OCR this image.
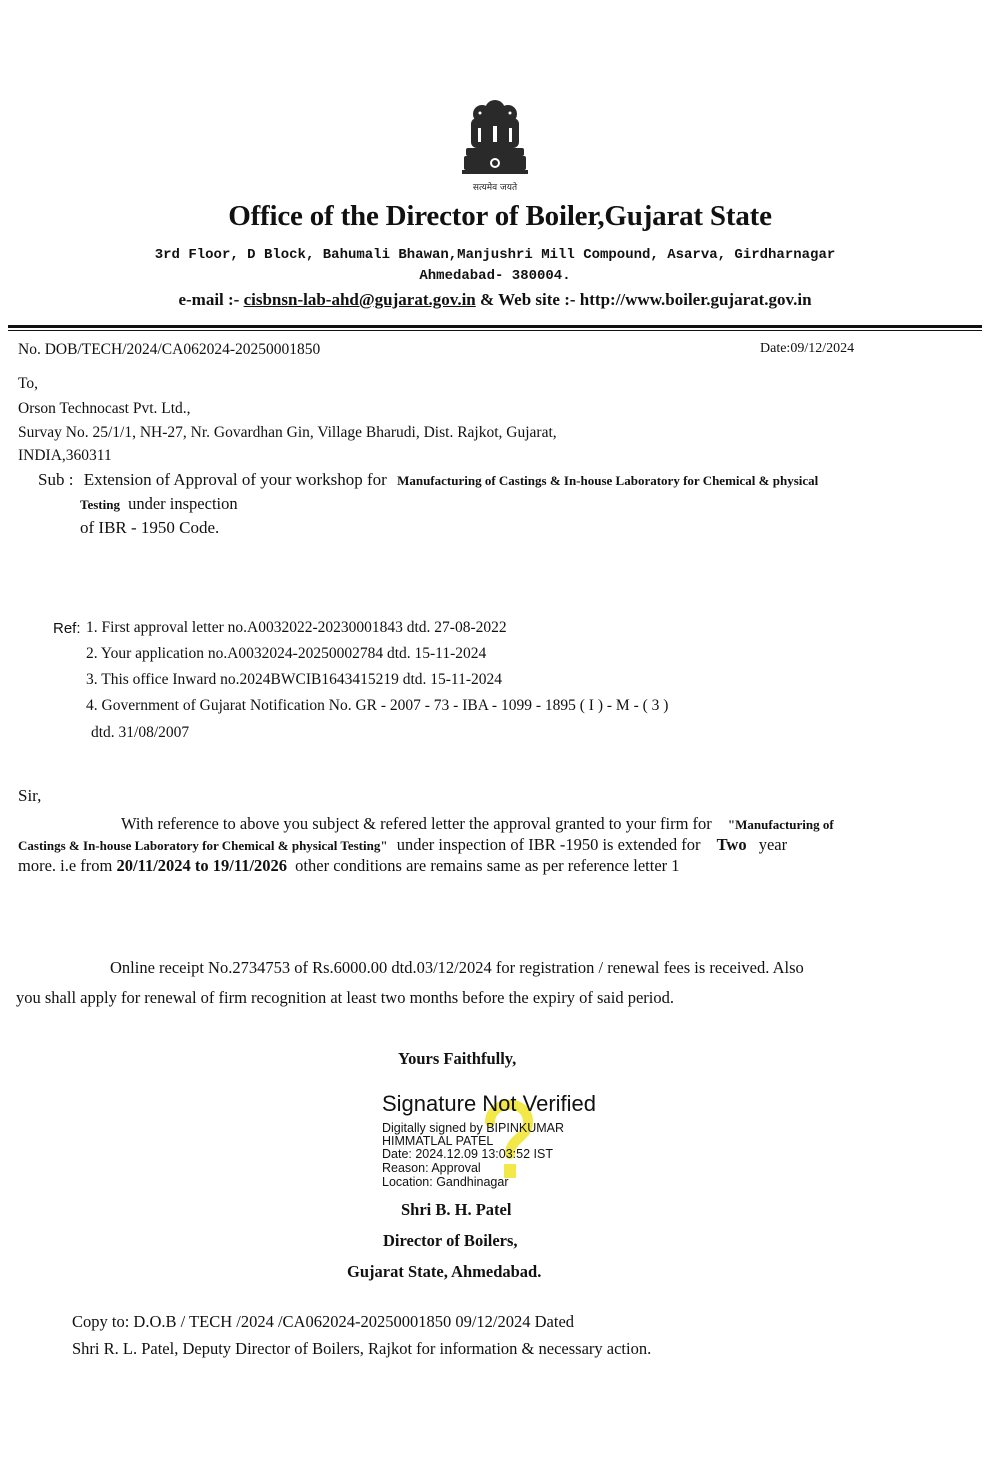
सत्यमेव जयते
Office of the Director of Boiler,Gujarat State
3rd Floor, D Block, Bahumali Bhawan,Manjushri Mill Compound, Asarva, Girdharnagar
Ahmedabad- 380004.
e-mail :- cisbnsn-lab-ahd@gujarat.gov.in & Web site :- http://www.boiler.gujarat.gov.in
No. DOB/TECH/2024/CA062024-20250001850	Date:09/12/2024
To,
Orson Technocast Pvt. Ltd.,
Survay No. 25/1/1, NH-27, Nr. Govardhan Gin, Village Bharudi, Dist. Rajkot, Gujarat,
INDIA,360311
Sub : Extension of Approval of your workshop for Manufacturing of Castings & In-house Laboratory for Chemical & physical
Testing under inspection
of IBR - 1950 Code.
Ref: 1. First approval letter no.A0032022-20230001843 dtd. 27-08-2022
2. Your application no.A0032024-20250002784 dtd. 15-11-2024
3. This office Inward no.2024BWCIB1643415219 dtd. 15-11-2024
4. Government of Gujarat Notification No. GR - 2007 - 73 - IBA - 1099 - 1895 ( I ) - M - ( 3 )
dtd. 31/08/2007
Sir,
With reference to above you subject & refered letter the approval granted to your firm for "Manufacturing of
Castings & In-house Laboratory for Chemical & physical Testing" under inspection of IBR -1950 is extended for Two year
more. i.e from 20/11/2024 to 19/11/2026 other conditions are remains same as per reference letter 1
Online receipt No.2734753 of Rs.6000.00 dtd.03/12/2024 for registration / renewal fees is received. Also
you shall apply for renewal of firm recognition at least two months before the expiry of said period.
Yours Faithfully,
Signature Not Verified
Digitally signed by BIPINKUMAR
HIMMATLAL PATEL
Date: 2024.12.09 13:03:52 IST
Reason: Approval
Location: Gandhinagar
Shri B. H. Patel
Director of Boilers,
Gujarat State, Ahmedabad.
Copy to: D.O.B / TECH /2024 /CA062024-20250001850 09/12/2024 Dated
Shri R. L. Patel, Deputy Director of Boilers, Rajkot for information & necessary action.
